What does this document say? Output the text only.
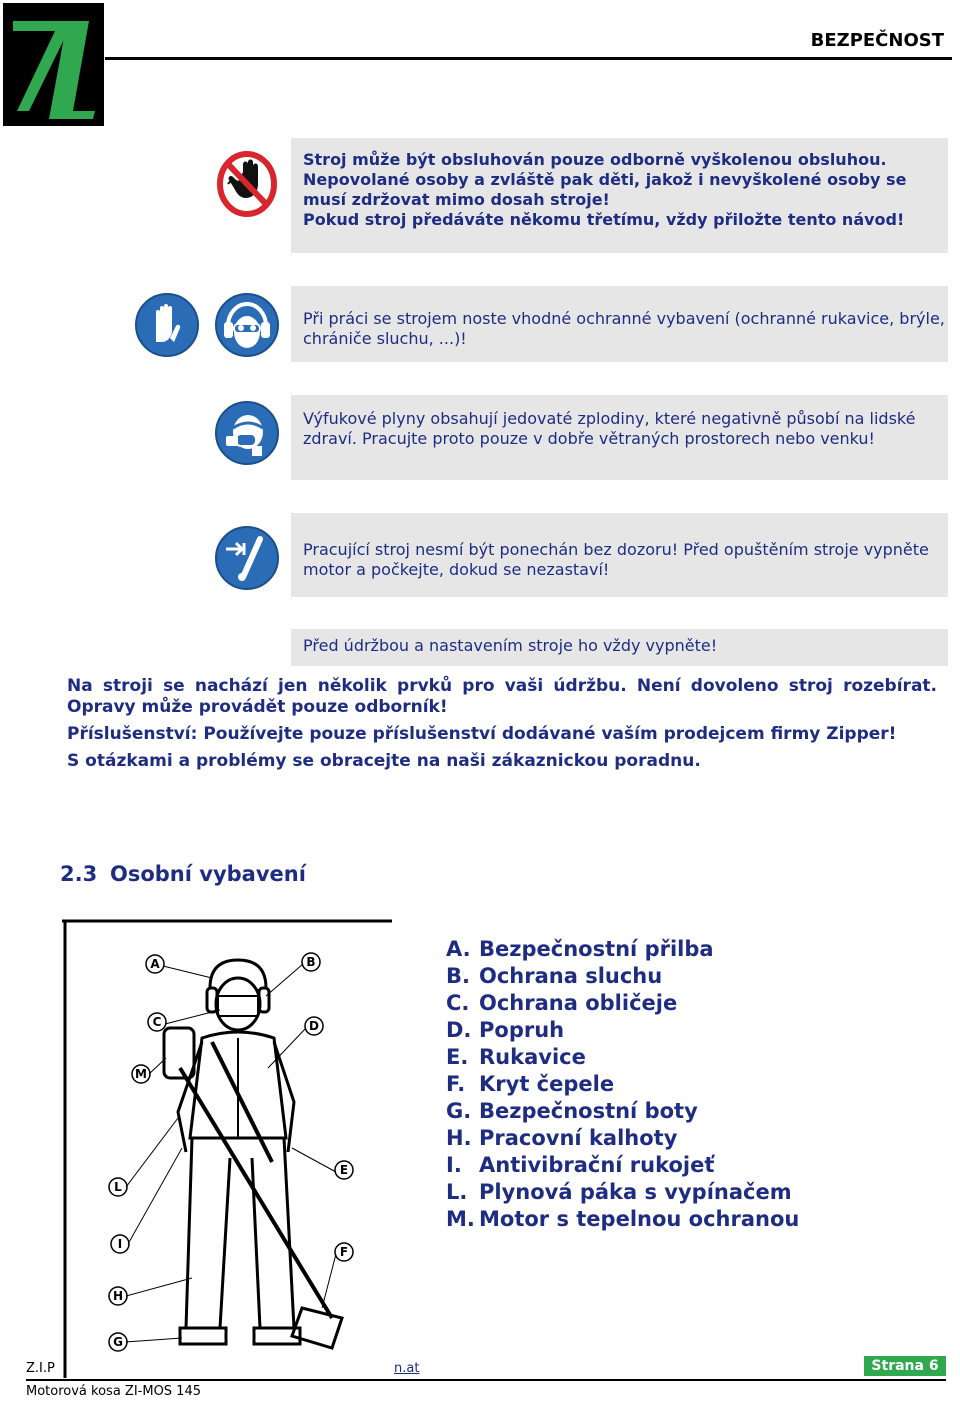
BEZPEČNOST

Stroj může být obsluhován pouze odborně vyškolenou obsluhou.

Nepovolané osoby a zvláště pak děti, jakož i nevyškolené osoby se musí zdržovat mimo dosah stroje!

Pokud stroj předáváte někomu třetímu, vždy přiložte tento návod!

Při práci se strojem noste vhodné ochranné vybavení (ochranné rukavice, brýle, chrániče sluchu, ...)!

Výfukové plyny obsahují jedovaté zplodiny, které negativně působí na lidské zdraví. Pracujte proto pouze v dobře větraných prostorech nebo venku!

Pracující stroj nesmí být ponechán bez dozoru! Před opuštěním stroje vypněte motor a počkejte, dokud se nezastaví!

Před údržbou a nastavením stroje ho vždy vypněte!

Na stroji se nachází jen několik prvků pro vaši údržbu. Není dovoleno stroj rozebírat. Opravy může provádět pouze odborník!

Příslušenství: Používejte pouze příslušenství dodávané vaším prodejcem firmy Zipper!

S otázkami a problémy se obracejte na naši zákaznickou poradnu.

2.3 Osobní vybavení
A	B
C	D
E
F
G
H
I
L
M
A. Bezpečnostní přilba
B. Ochrana sluchu
C. Ochrana obličeje
D. Popruh
E. Rukavice
F. Kryt čepele
G. Bezpečnostní boty
H. Pracovní kalhoty
I. Antivibrační rukojeť
L. Plynová páka s vypínačem
M. Motor s tepelnou ochranou
Z.I.P	n.at	Strana 6
Motorová kosa ZI-MOS 145
